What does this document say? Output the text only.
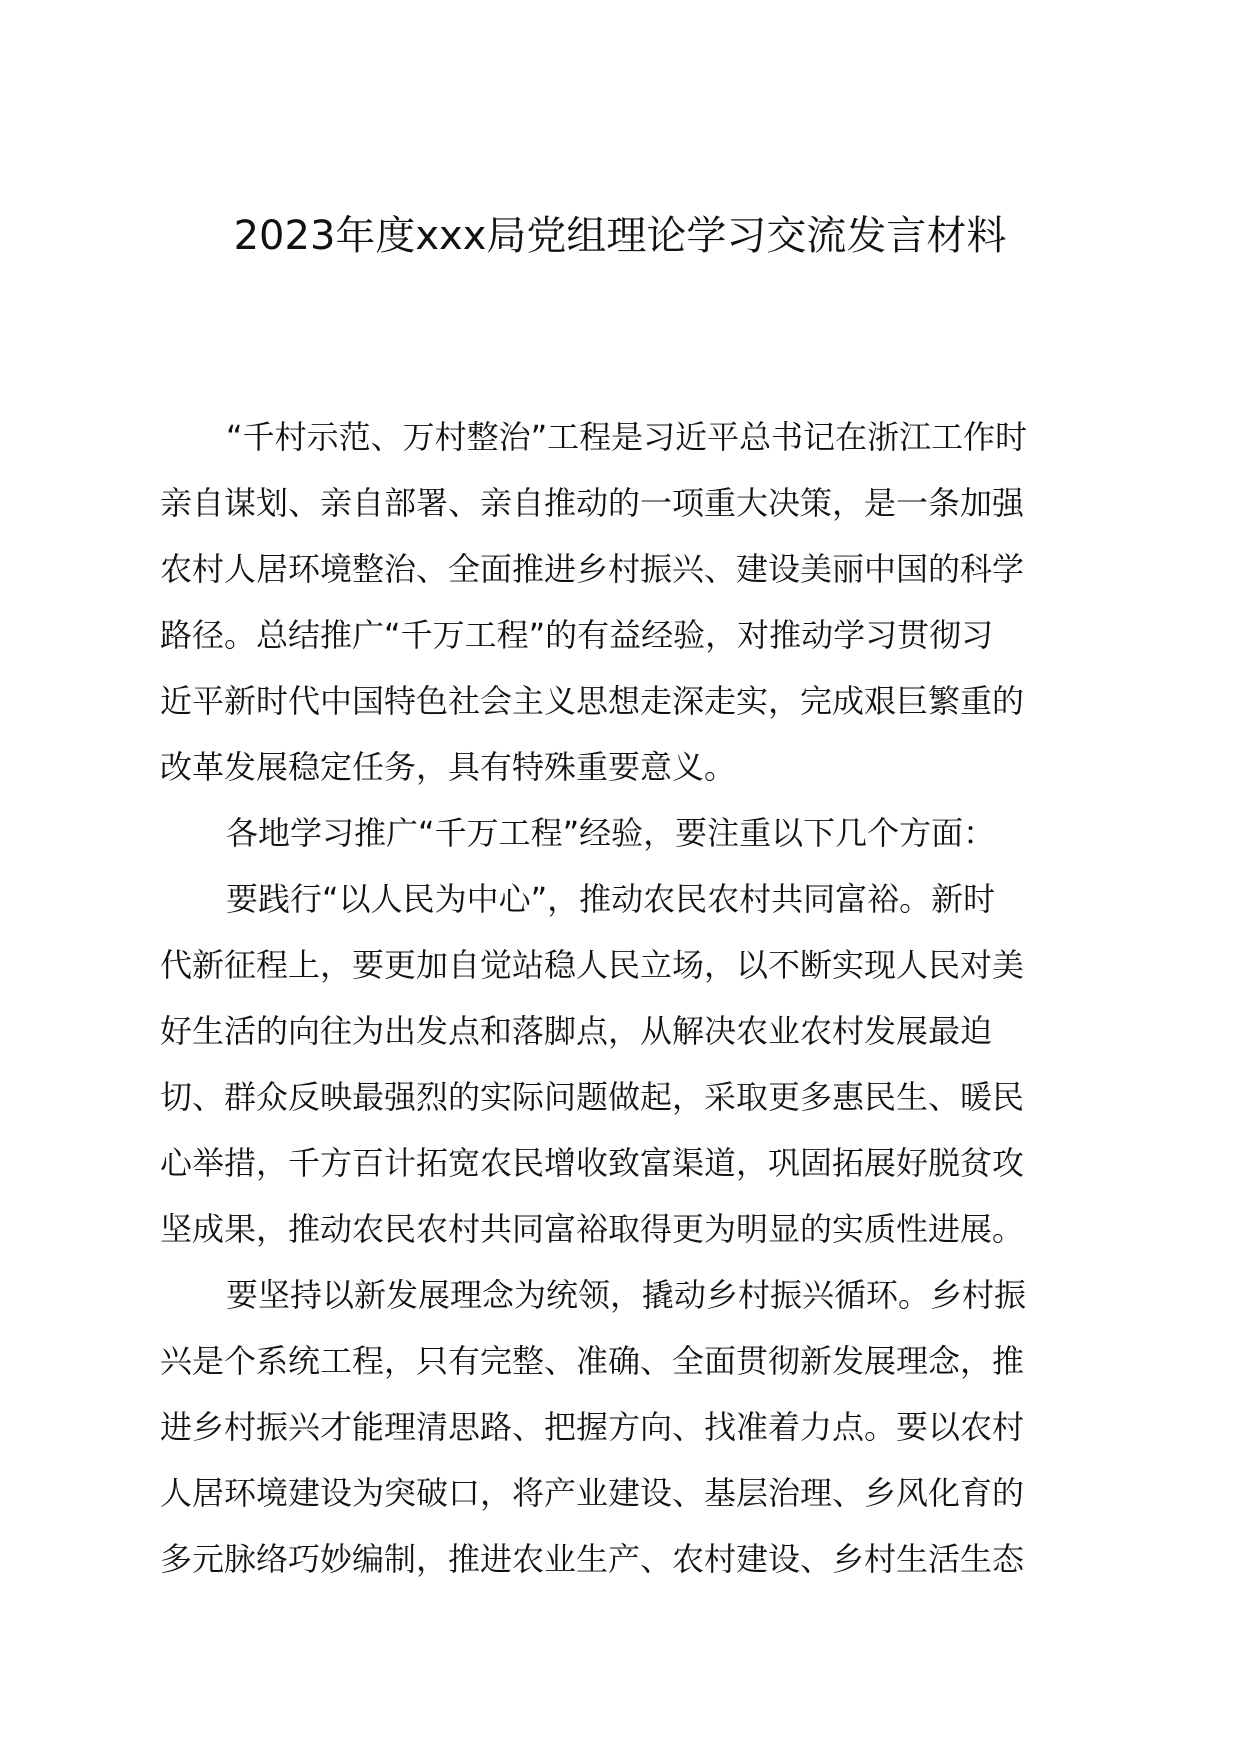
2023年度xxx局党组理论学习交流发言材料
“千村示范、万村整治”工程是习近平总书记在浙江工作时
亲自谋划、亲自部署、亲自推动的一项重大决策，是一条加强
农村人居环境整治、全面推进乡村振兴、建设美丽中国的科学
路径。总结推广“千万工程”的有益经验，对推动学习贯彻习
近平新时代中国特色社会主义思想走深走实，完成艰巨繁重的
改革发展稳定任务，具有特殊重要意义。
各地学习推广“千万工程”经验，要注重以下几个方面：
要践行“以人民为中心”，推动农民农村共同富裕。新时
代新征程上，要更加自觉站稳人民立场，以不断实现人民对美
好生活的向往为出发点和落脚点，从解决农业农村发展最迫
切、群众反映最强烈的实际问题做起，采取更多惠民生、暖民
心举措，千方百计拓宽农民增收致富渠道，巩固拓展好脱贫攻
坚成果，推动农民农村共同富裕取得更为明显的实质性进展。
要坚持以新发展理念为统领，撬动乡村振兴循环。乡村振
兴是个系统工程，只有完整、准确、全面贯彻新发展理念，推
进乡村振兴才能理清思路、把握方向、找准着力点。要以农村
人居环境建设为突破口，将产业建设、基层治理、乡风化育的
多元脉络巧妙编制，推进农业生产、农村建设、乡村生活生态
